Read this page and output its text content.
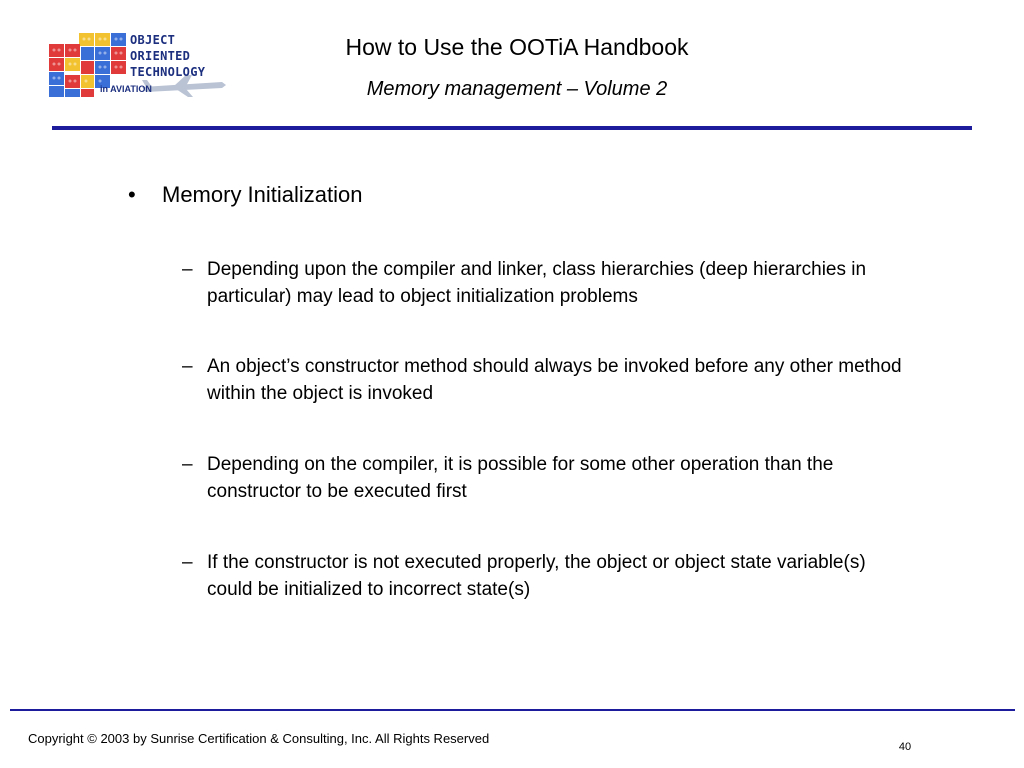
OBJECT
ORIENTED
TECHNOLOGY
in AVIATION
How to Use the OOTiA Handbook
Memory management – Volume 2
• Memory Initialization
– Depending upon the compiler and linker, class hierarchies (deep hierarchies in particular) may lead to object initialization problems
– An object’s constructor method should always be invoked before any other method within the object is invoked
– Depending on the compiler, it is possible for some other operation than the constructor to be executed first
– If the constructor is not executed properly, the object or object state variable(s) could be initialized to incorrect state(s)
Copyright © 2003 by Sunrise Certification & Consulting, Inc. All Rights Reserved
40
